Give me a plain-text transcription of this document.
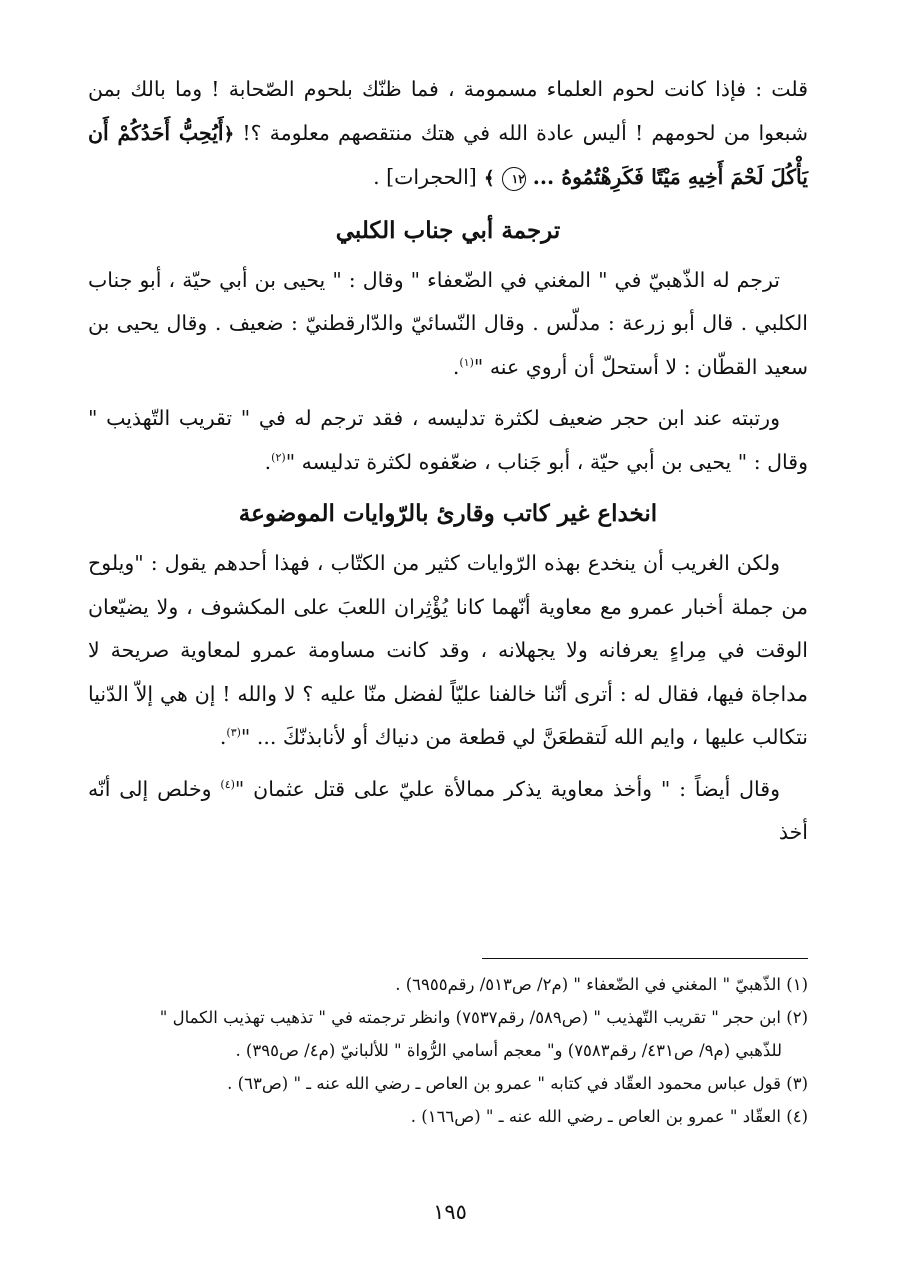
قلت : فإذا كانت لحوم العلماء مسمومة ، فما ظنّك بلحوم الصّحابة ! وما بالك بمن شبعوا من لحومهم ! أليس عادة الله في هتك منتقصهم معلومة ؟! ﴿أَيُحِبُّ أَحَدُكُمْ أَن يَأْكُلَ لَحْمَ أَخِيهِ مَيْتًا فَكَرِهْتُمُوهُ ... ١٢ ﴾ [الحجرات] .

ترجمة أبي جناب الكلبي

ترجم له الذّهبيّ في " المغني في الضّعفاء " وقال : " يحيى بن أبي حيّة ، أبو جناب الكلبي . قال أبو زرعة : مدلّس . وقال النّسائيّ والدّارقطنيّ : ضعيف . وقال يحيى بن سعيد القطّان : لا أستحلّ أن أروي عنه "$^{(١)}$.

ورتبته عند ابن حجر ضعيف لكثرة تدليسه ، فقد ترجم له في " تقريب التّهذيب " وقال : " يحيى بن أبي حيّة ، أبو جَناب ، ضعّفوه لكثرة تدليسه "$^{(٢)}$.

انخداع غير كاتب وقارئ بالرّوايات الموضوعة

ولكن الغريب أن ينخدع بهذه الرّوايات كثير من الكتّاب ، فهذا أحدهم يقول : "ويلوح من جملة أخبار عمرو مع معاوية أنّهما كانا يُؤْثِران اللعبَ على المكشوف ، ولا يضيّعان الوقت في مِراءٍ يعرفانه ولا يجهلانه ، وقد كانت مساومة عمرو لمعاوية صريحة لا مداجاة فيها، فقال له : أترى أنّنا خالفنا عليّاً لفضل منّا عليه ؟ لا والله ! إن هي إلاّ الدّنيا نتكالب عليها ، وايم الله لَتقطعَنَّ لي قطعة من دنياك أو لأنابذنّكَ ... "$^{(٣)}$.

وقال أيضاً : " وأخذ معاوية يذكر ممالأة عليّ على قتل عثمان "$^{(٤)}$ وخلص إلى أنّه أخذ

(١) الذّهبيّ " المغني في الضّعفاء " (م٢/ ص٥١٣/ رقم٦٩٥٥) .

(٢) ابن حجر " تقريب التّهذيب " (ص٥٨٩/ رقم٧٥٣٧) وانظر ترجمته في " تذهيب تهذيب الكمال "

للذّهبي (م٩/ ص٤٣١/ رقم٧٥٨٣) و" معجم أسامي الرُّواة " للألبانيّ (م٤/ ص٣٩٥) .

(٣) قول عباس محمود العقّاد في كتابه " عمرو بن العاص ـ رضي الله عنه ـ " (ص٦٣) .

(٤) العقّاد " عمرو بن العاص ـ رضي الله عنه ـ " (ص١٦٦) .

١٩٥
